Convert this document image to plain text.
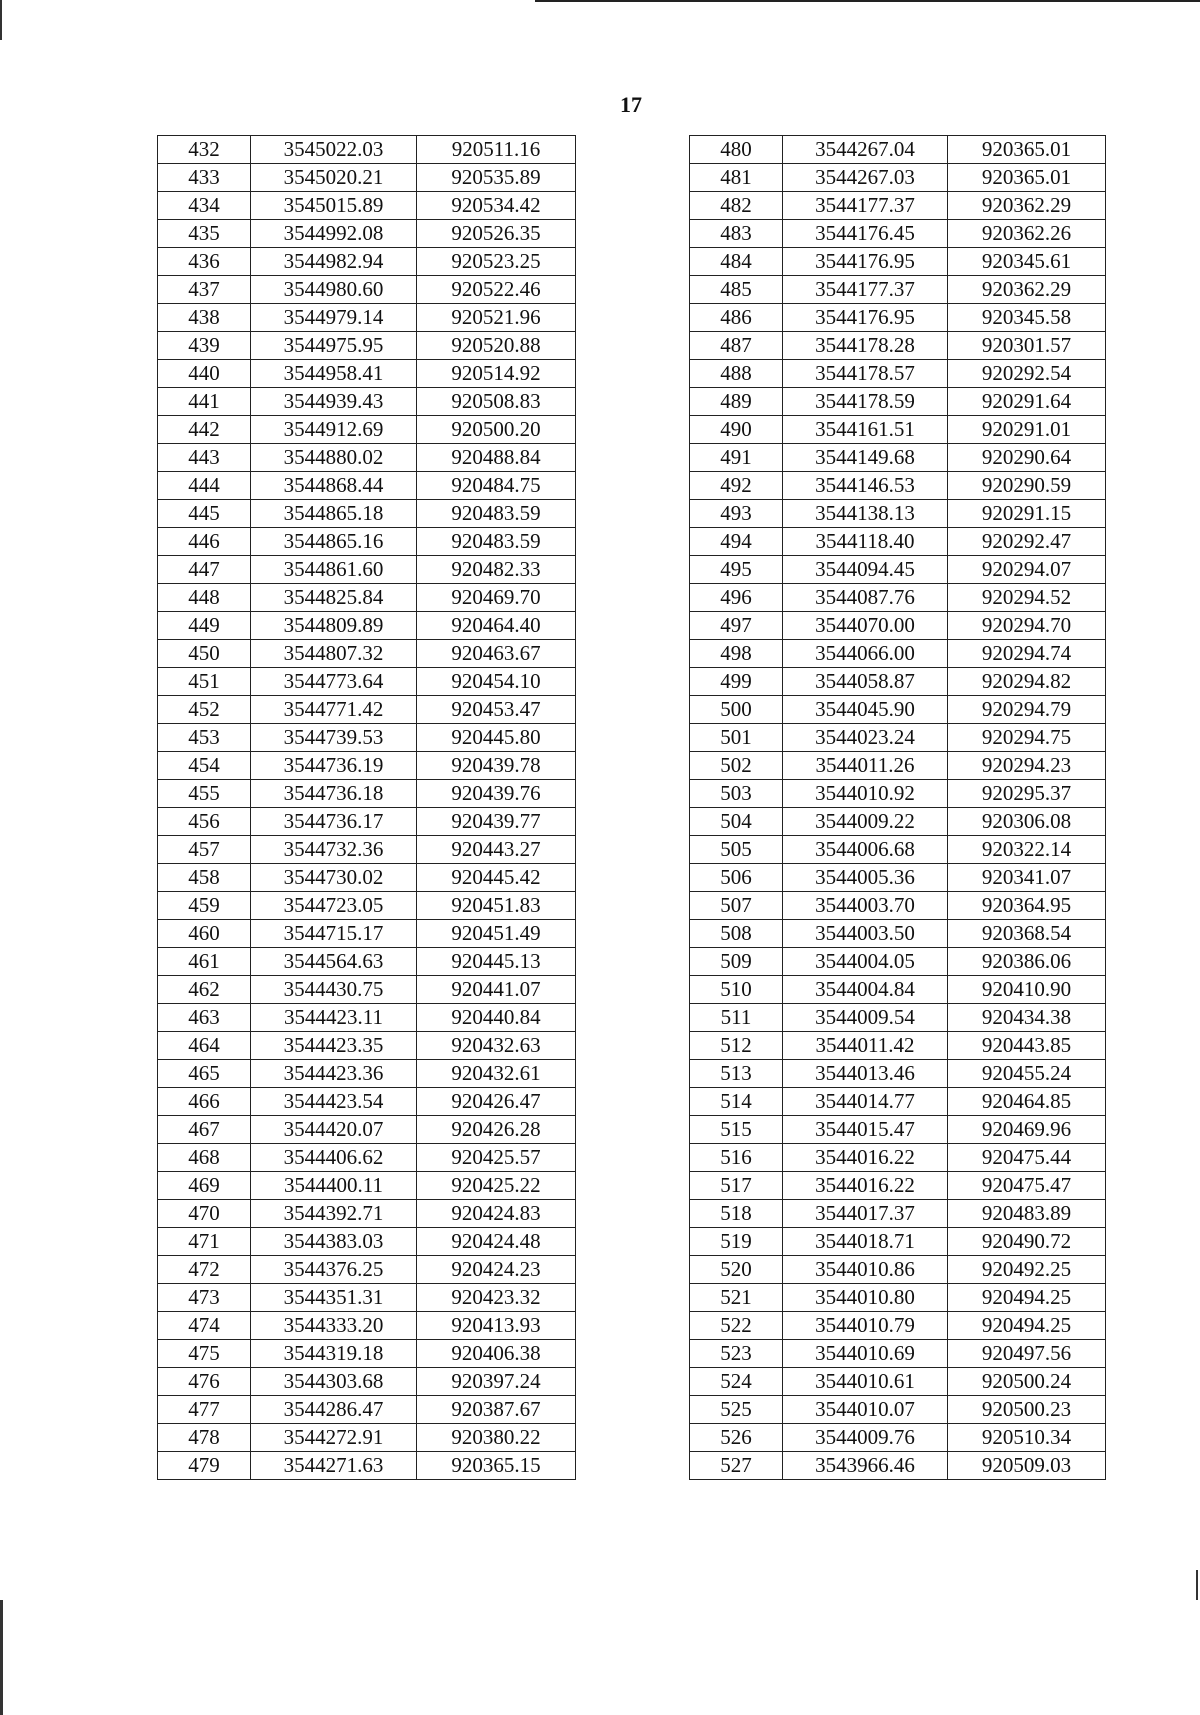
17
432	3545022.03	920511.16
433	3545020.21	920535.89
434	3545015.89	920534.42
435	3544992.08	920526.35
436	3544982.94	920523.25
437	3544980.60	920522.46
438	3544979.14	920521.96
439	3544975.95	920520.88
440	3544958.41	920514.92
441	3544939.43	920508.83
442	3544912.69	920500.20
443	3544880.02	920488.84
444	3544868.44	920484.75
445	3544865.18	920483.59
446	3544865.16	920483.59
447	3544861.60	920482.33
448	3544825.84	920469.70
449	3544809.89	920464.40
450	3544807.32	920463.67
451	3544773.64	920454.10
452	3544771.42	920453.47
453	3544739.53	920445.80
454	3544736.19	920439.78
455	3544736.18	920439.76
456	3544736.17	920439.77
457	3544732.36	920443.27
458	3544730.02	920445.42
459	3544723.05	920451.83
460	3544715.17	920451.49
461	3544564.63	920445.13
462	3544430.75	920441.07
463	3544423.11	920440.84
464	3544423.35	920432.63
465	3544423.36	920432.61
466	3544423.54	920426.47
467	3544420.07	920426.28
468	3544406.62	920425.57
469	3544400.11	920425.22
470	3544392.71	920424.83
471	3544383.03	920424.48
472	3544376.25	920424.23
473	3544351.31	920423.32
474	3544333.20	920413.93
475	3544319.18	920406.38
476	3544303.68	920397.24
477	3544286.47	920387.67
478	3544272.91	920380.22
479	3544271.63	920365.15
480	3544267.04	920365.01
481	3544267.03	920365.01
482	3544177.37	920362.29
483	3544176.45	920362.26
484	3544176.95	920345.61
485	3544177.37	920362.29
486	3544176.95	920345.58
487	3544178.28	920301.57
488	3544178.57	920292.54
489	3544178.59	920291.64
490	3544161.51	920291.01
491	3544149.68	920290.64
492	3544146.53	920290.59
493	3544138.13	920291.15
494	3544118.40	920292.47
495	3544094.45	920294.07
496	3544087.76	920294.52
497	3544070.00	920294.70
498	3544066.00	920294.74
499	3544058.87	920294.82
500	3544045.90	920294.79
501	3544023.24	920294.75
502	3544011.26	920294.23
503	3544010.92	920295.37
504	3544009.22	920306.08
505	3544006.68	920322.14
506	3544005.36	920341.07
507	3544003.70	920364.95
508	3544003.50	920368.54
509	3544004.05	920386.06
510	3544004.84	920410.90
511	3544009.54	920434.38
512	3544011.42	920443.85
513	3544013.46	920455.24
514	3544014.77	920464.85
515	3544015.47	920469.96
516	3544016.22	920475.44
517	3544016.22	920475.47
518	3544017.37	920483.89
519	3544018.71	920490.72
520	3544010.86	920492.25
521	3544010.80	920494.25
522	3544010.79	920494.25
523	3544010.69	920497.56
524	3544010.61	920500.24
525	3544010.07	920500.23
526	3544009.76	920510.34
527	3543966.46	920509.03
